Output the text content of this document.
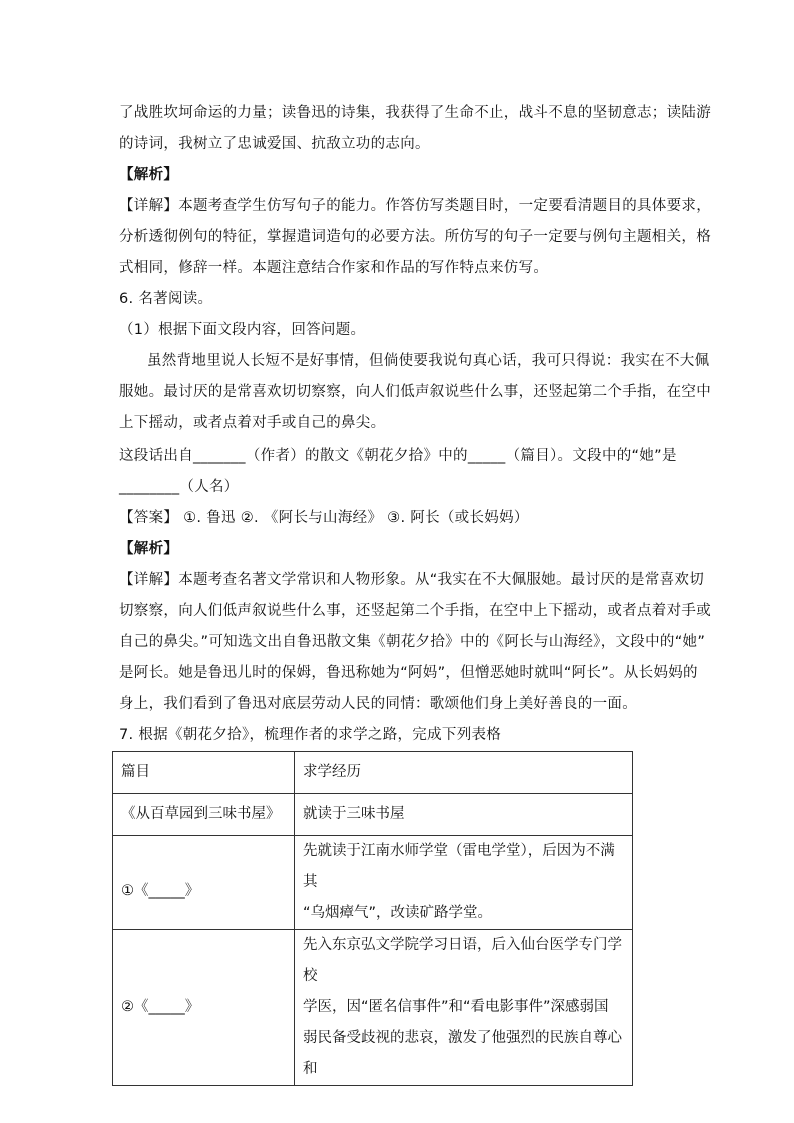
了战胜坎坷命运的力量；读鲁迅的诗集，我获得了生命不止，战斗不息的坚韧意志；读陆游
的诗词，我树立了忠诚爱国、抗敌立功的志向。
【解析】
【详解】本题考查学生仿写句子的能力。作答仿写类题目时，一定要看清题目的具体要求，
分析透彻例句的特征，掌握遣词造句的必要方法。所仿写的句子一定要与例句主题相关，格
式相同，修辞一样。本题注意结合作家和作品的写作特点来仿写。
6. 名著阅读。
（1）根据下面文段内容，回答问题。
虽然背地里说人长短不是好事情，但倘使要我说句真心话，我可只得说：我实在不大佩
服她。最讨厌的是常喜欢切切察察，向人们低声叙说些什么事，还竖起第二个手指，在空中
上下摇动，或者点着对手或自己的鼻尖。
这段话出自_______（作者）的散文《朝花夕拾》中的_____（篇目）。文段中的“她”是
________（人名）
【答案】 ①. 鲁迅 ②. 《阿长与山海经》 ③. 阿长（或长妈妈）
【解析】
【详解】本题考查名著文学常识和人物形象。从“我实在不大佩服她。最讨厌的是常喜欢切
切察察，向人们低声叙说些什么事，还竖起第二个手指，在空中上下摇动，或者点着对手或
自己的鼻尖。”可知选文出自鲁迅散文集《朝花夕拾》中的《阿长与山海经》，文段中的“她”
是阿长。她是鲁迅儿时的保姆，鲁迅称她为“阿妈”，但憎恶她时就叫“阿长”。从长妈妈的
身上，我们看到了鲁迅对底层劳动人民的同情：歌颂他们身上美好善良的一面。
7. 根据《朝花夕拾》，梳理作者的求学之路，完成下列表格
篇目	求学经历
《从百草园到三味书屋》	就读于三味书屋

①《_____》	先就读于江南水师学堂（雷电学堂），后因为不满其
“乌烟瘴气”，改读矿路学堂。

②《_____》	先入东京弘文学院学习日语，后入仙台医学专门学校
学医，因“匿名信事件”和“看电影事件”深感弱国
弱民备受歧视的悲哀，激发了他强烈的民族自尊心和
